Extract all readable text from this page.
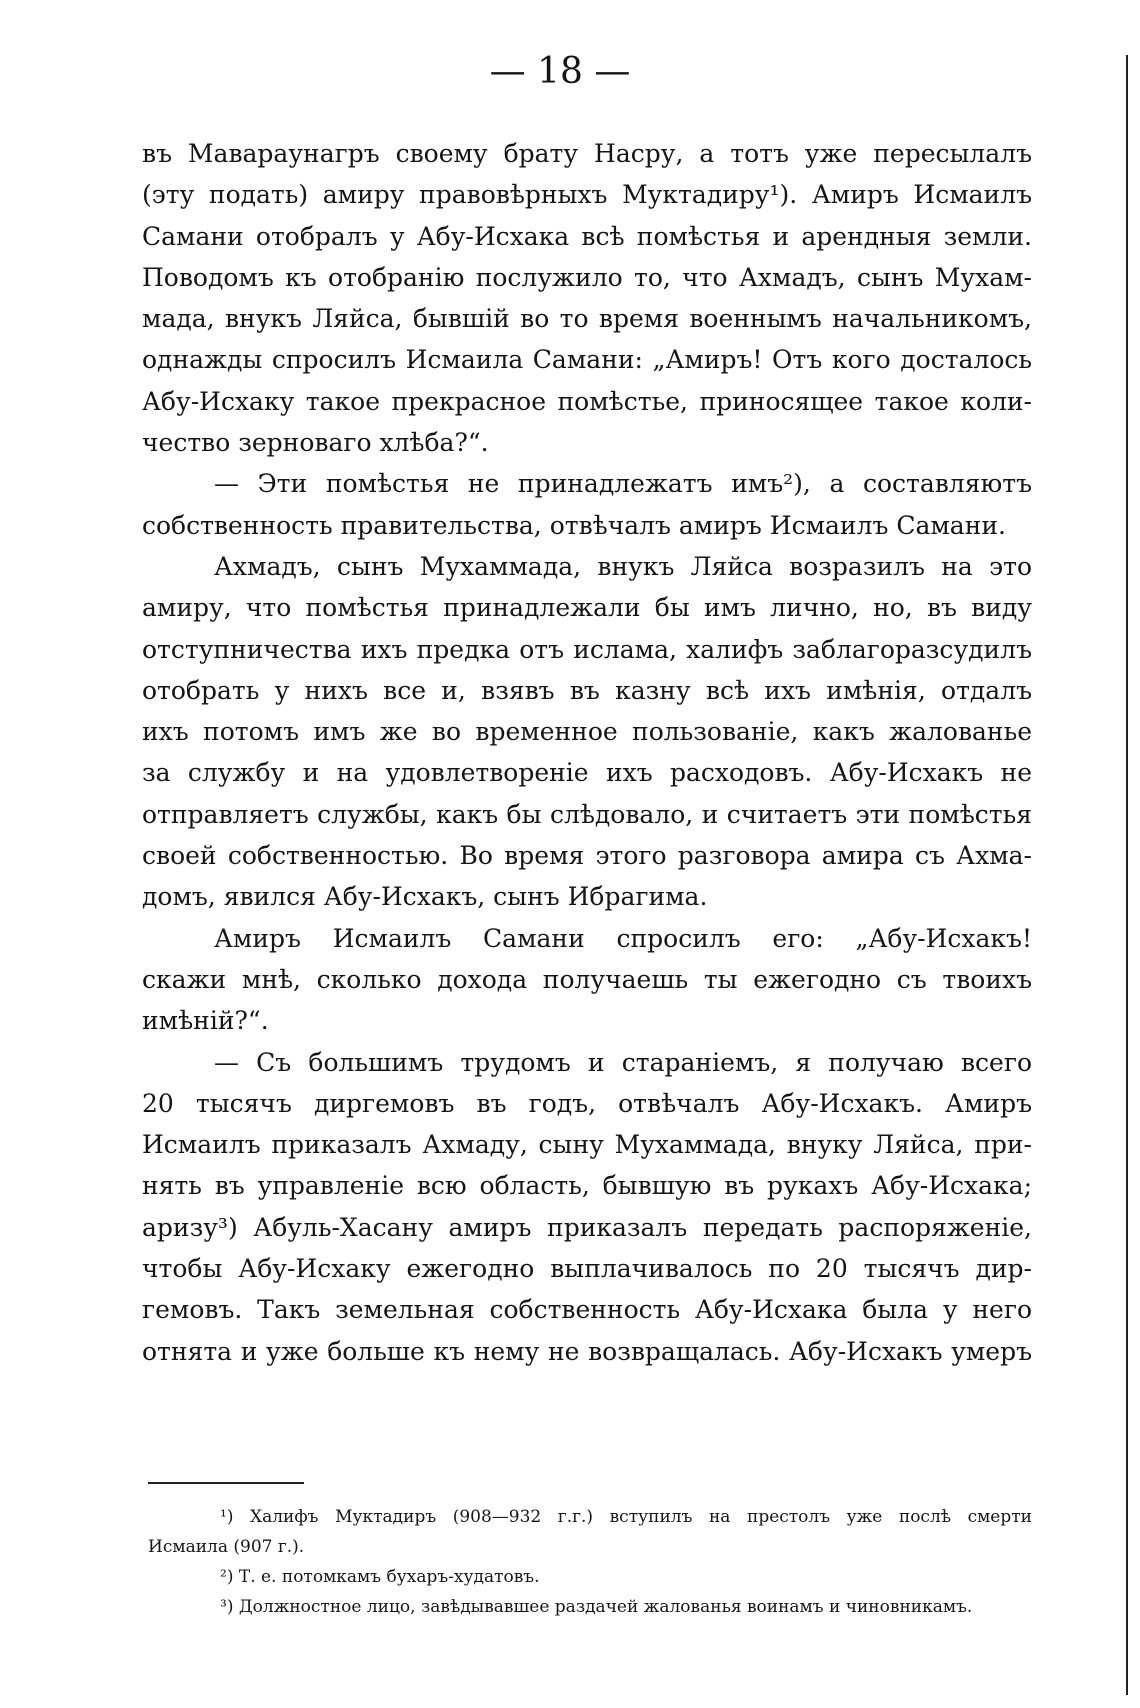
— 18 —
въ Мавараунагръ своему брату Насру, а тотъ уже пересылалъ
(эту подать) амиру правовѣрныхъ Муктадиру¹). Амиръ Исмаилъ
Самани отобралъ у Абу-Исхака всѣ помѣстья и арендныя земли.
Поводомъ къ отобранію послужило то, что Ахмадъ, сынъ Мухам-
мада, внукъ Ляйса, бывшій во то время военнымъ начальникомъ,
однажды спросилъ Исмаила Самани: „Амиръ! Отъ кого досталось
Абу-Исхаку такое прекрасное помѣстье, приносящее такое коли-
чество зерноваго хлѣба?“.
— Эти помѣстья не принадлежатъ имъ²), а составляютъ
собственность правительства, отвѣчалъ амиръ Исмаилъ Самани.
Ахмадъ, сынъ Мухаммада, внукъ Ляйса возразилъ на это
амиру, что помѣстья принадлежали бы имъ лично, но, въ виду
отступничества ихъ предка отъ ислама, халифъ заблагоразсудилъ
отобрать у нихъ все и, взявъ въ казну всѣ ихъ имѣнія, отдалъ
ихъ потомъ имъ же во временное пользованіе, какъ жалованье
за службу и на удовлетвореніе ихъ расходовъ. Абу-Исхакъ не
отправляетъ службы, какъ бы слѣдовало, и считаетъ эти помѣстья
своей собственностью. Во время этого разговора амира съ Ахма-
домъ, явился Абу-Исхакъ, сынъ Ибрагима.
Амиръ Исмаилъ Самани спросилъ его: „Абу-Исхакъ!
скажи мнѣ, сколько дохода получаешь ты ежегодно съ твоихъ
имѣній?“.
— Съ большимъ трудомъ и стараніемъ, я получаю всего
20 тысячъ диргемовъ въ годъ, отвѣчалъ Абу-Исхакъ. Амиръ
Исмаилъ приказалъ Ахмаду, сыну Мухаммада, внуку Ляйса, при-
нять въ управленіе всю область, бывшую въ рукахъ Абу-Исхака;
аризу³) Абуль-Хасану амиръ приказалъ передать распоряженіе,
чтобы Абу-Исхаку ежегодно выплачивалось по 20 тысячъ дир-
гемовъ. Такъ земельная собственность Абу-Исхака была у него
отнята и уже больше къ нему не возвращалась. Абу-Исхакъ умеръ
¹) Халифъ Муктадиръ (908—932 г.г.) вступилъ на престолъ уже послѣ смерти
Исмаила (907 г.).
²) Т. е. потомкамъ бухаръ-худатовъ.
³) Должностное лицо, завѣдывавшее раздачей жалованья воинамъ и чиновникамъ.
